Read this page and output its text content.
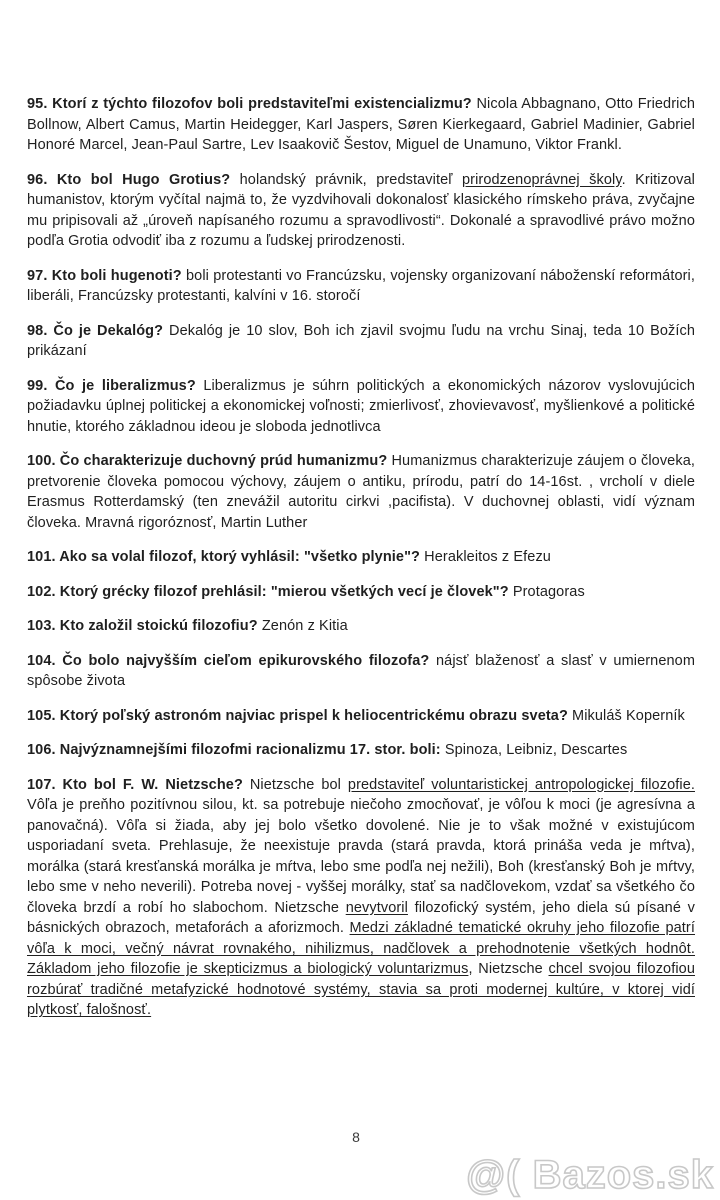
95. Ktorí z týchto filozofov boli predstaviteľmi existencializmu? Nicola Abbagnano, Otto Friedrich Bollnow, Albert Camus, Martin Heidegger, Karl Jaspers, Søren Kierkegaard, Gabriel Madinier, Gabriel Honoré Marcel, Jean-Paul Sartre, Lev Isaakovič Šestov, Miguel de Unamuno, Viktor Frankl.

96. Kto bol Hugo Grotius? holandský právnik, predstaviteľ prirodzenoprávnej školy. Kritizoval humanistov, ktorým vyčítal najmä to, že vyzdvihovali dokonalosť klasického rímskeho práva, zvyčajne mu pripisovali až „úroveň napísaného rozumu a spravodlivosti“. Dokonalé a spravodlivé právo možno podľa Grotia odvodiť iba z rozumu a ľudskej prirodzenosti.

97. Kto boli hugenoti? boli protestanti vo Francúzsku, vojensky organizovaní náboženskí reformátori, liberáli, Francúzsky protestanti, kalvíni v 16. storočí

98. Čo je Dekalóg? Dekalóg je 10 slov, Boh ich zjavil svojmu ľudu na vrchu Sinaj, teda 10 Božích prikázaní

99. Čo je liberalizmus? Liberalizmus je súhrn politických a ekonomických názorov vyslovujúcich požiadavku úplnej politickej a ekonomickej voľnosti; zmierlivosť, zhovievavosť, myšlienkové a politické hnutie, ktorého základnou ideou je sloboda jednotlivca

100. Čo charakterizuje duchovný prúd humanizmu? Humanizmus charakterizuje záujem o človeka, pretvorenie človeka pomocou výchovy, záujem o antiku, prírodu, patrí do 14-16st. , vrcholí v diele Erasmus Rotterdamský (ten znevážil autoritu cirkvi ,pacifista). V duchovnej oblasti, vidí význam človeka. Mravná rigoróznosť, Martin Luther

101. Ako sa volal filozof, ktorý vyhlásil: "všetko plynie"? Herakleitos z Efezu

102. Ktorý grécky filozof prehlásil: "mierou všetkých vecí je človek"? Protagoras

103. Kto založil stoickú filozofiu? Zenón z Kitia

104. Čo bolo najvyšším cieľom epikurovského filozofa? nájsť blaženosť a slasť v umiernenom spôsobe života

105. Ktorý poľský astronóm najviac prispel k heliocentrickému obrazu sveta? Mikuláš Koperník

106. Najvýznamnejšími filozofmi racionalizmu 17. stor. boli: Spinoza, Leibniz, Descartes

107. Kto bol F. W. Nietzsche? Nietzsche bol predstaviteľ voluntaristickej antropologickej filozofie. Vôľa je preňho pozitívnou silou, kt. sa potrebuje niečoho zmocňovať, je vôľou k moci (je agresívna a panovačná). Vôľa si žiada, aby jej bolo všetko dovolené. Nie je to však možné v existujúcom usporiadaní sveta. Prehlasuje, že neexistuje pravda (stará pravda, ktorá prináša veda je mŕtva), morálka (stará kresťanská morálka je mŕtva, lebo sme podľa nej nežili), Boh (kresťanský Boh je mŕtvy, lebo sme v neho neverili). Potreba novej - vyššej morálky, stať sa nadčlovekom, vzdať sa všetkého čo človeka brzdí a robí ho slabochom. Nietzsche nevytvoril filozofický systém, jeho diela sú písané v básnických obrazoch, metaforách a aforizmoch. Medzi základné tematické okruhy jeho filozofie patrí vôľa k moci, večný návrat rovnakého, nihilizmus, nadčlovek a prehodnotenie všetkých hodnôt. Základom jeho filozofie je skepticizmus a biologický voluntarizmus, Nietzsche chcel svojou filozofiou rozbúrať tradičné metafyzické hodnotové systémy, stavia sa proti modernej kultúre, v ktorej vidí plytkosť, falošnosť.

8
@( Bazos.sk
